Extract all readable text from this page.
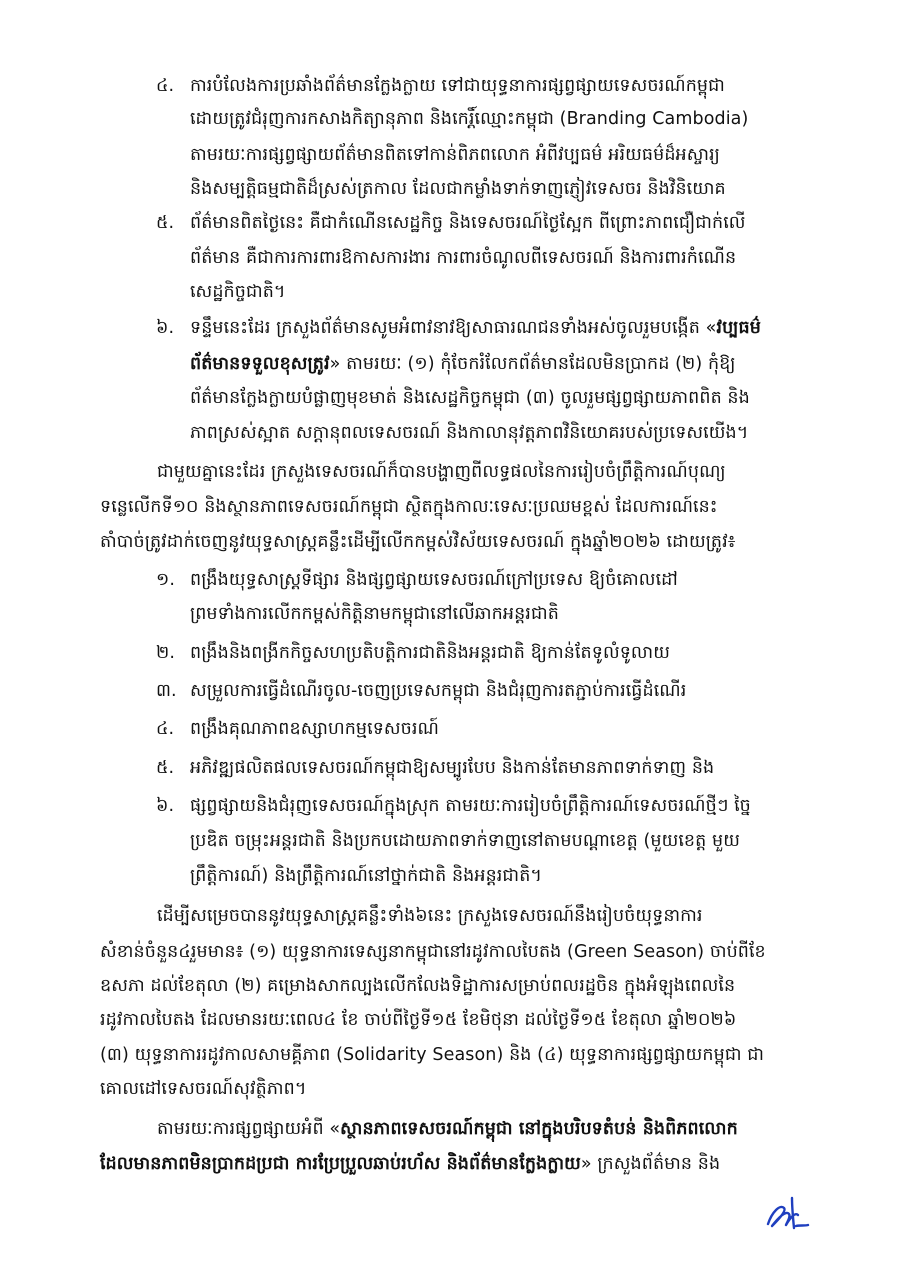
៤. ការបំលែងការប្រឆាំងព័ត៌មានក្លែងក្លាយ ទៅជាយុទ្ធនាការផ្សព្វផ្សាយទេសចរណ៍កម្ពុជា
ដោយត្រូវជំរុញការកសាងកិត្យានុភាព និងកេរ្តិ៍ឈ្មោះកម្ពុជា (Branding Cambodia)
តាមរយៈការផ្សព្វផ្សាយព័ត៌មានពិតទៅកាន់ពិភពលោក អំពីវប្បធម៌ អរិយធម៌ដ៏អស្ចារ្យ
និងសម្បត្តិធម្មជាតិដ៏ស្រស់ត្រកាល ដែលជាកម្លាំងទាក់ទាញភ្ញៀវទេសចរ និងវិនិយោគ
៥. ព័ត៌មានពិតថ្ងៃនេះ គឺជាកំណើនសេដ្ឋកិច្ច និងទេសចរណ៍ថ្ងៃស្អែក ពីព្រោះភាពជឿជាក់លើ
ព័ត៌មាន គឺជាការការពារឱកាសការងារ ការពារចំណូលពីទេសចរណ៍ និងការពារកំណើន
សេដ្ឋកិច្ចជាតិ។
៦. ទន្ទឹមនេះដែរ ក្រសួងព័ត៌មានសូមអំពាវនាវឱ្យសាធារណជនទាំងអស់ចូលរួមបង្កើត «វប្បធម៌
ព័ត៌មានទទួលខុសត្រូវ» តាមរយៈ (១) កុំចែករំលែកព័ត៌មានដែលមិនប្រាកដ (២) កុំឱ្យ
ព័ត៌មានក្លែងក្លាយបំផ្លាញមុខមាត់ និងសេដ្ឋកិច្ចកម្ពុជា (៣) ចូលរួមផ្សព្វផ្សាយភាពពិត និង
ភាពស្រស់ស្អាត សក្តានុពលទេសចរណ៍ និងកាលានុវត្តភាពវិនិយោគរបស់ប្រទេសយើង។
ជាមួយគ្នានេះដែរ ក្រសួងទេសចរណ៍ក៏បានបង្ហាញពីលទ្ធផលនៃការរៀបចំព្រឹត្តិការណ៍បុណ្យ
ទន្លេលើកទី១០ និងស្ថានភាពទេសចរណ៍កម្ពុជា ស្ថិតក្នុងកាលៈទេសៈប្រឈមខ្ពស់ ដែលការណ៍នេះ
តាំបាច់ត្រូវដាក់ចេញនូវយុទ្ធសាស្ត្រគន្លឹះដើម្បីលើកកម្ពស់វិស័យទេសចរណ៍ ក្នុងឆ្នាំ២០២៦ ដោយត្រូវ៖
១. ពង្រឹងយុទ្ធសាស្ត្រទីផ្សារ និងផ្សព្វផ្សាយទេសចរណ៍ក្រៅប្រទេស ឱ្យចំគោលដៅ
ព្រមទាំងការលើកកម្ពស់កិត្តិនាមកម្ពុជានៅលើឆាកអន្តរជាតិ
២. ពង្រឹងនិងពង្រីកកិច្ចសហប្រតិបត្តិការជាតិនិងអន្តរជាតិ ឱ្យកាន់តែទូលំទូលាយ
៣. សម្រួលការធ្វើដំណើរចូល-ចេញប្រទេសកម្ពុជា និងជំរុញការតភ្ជាប់ការធ្វើដំណើរ
៤. ពង្រឹងគុណភាពឧស្សាហកម្មទេសចរណ៍
៥. អភិវឌ្ឍផលិតផលទេសចរណ៍កម្ពុជាឱ្យសម្បូរបែប និងកាន់តែមានភាពទាក់ទាញ និង
៦. ផ្សព្វផ្សាយនិងជំរុញទេសចរណ៍ក្នុងស្រុក តាមរយៈការរៀបចំព្រឹត្តិការណ៍ទេសចរណ៍ថ្មីៗ ច្នៃ
ប្រឌិត ចម្រុះអន្តរជាតិ និងប្រកបដោយភាពទាក់ទាញនៅតាមបណ្តាខេត្ត (មួយខេត្ត មួយ
ព្រឹត្តិការណ៍) និងព្រឹត្តិការណ៍នៅថ្នាក់ជាតិ និងអន្តរជាតិ។
ដើម្បីសម្រេចបាននូវយុទ្ធសាស្ត្រគន្លឹះទាំង៦នេះ ក្រសួងទេសចរណ៍នឹងរៀបចំយុទ្ធនាការ
សំខាន់ចំនួន៤រួមមាន៖ (១) យុទ្ធនាការទេស្សនាកម្ពុជានៅរដូវកាលបៃតង (Green Season) ចាប់ពីខែ
ឧសភា ដល់ខែតុលា (២) គម្រោងសាកល្បងលើកលែងទិដ្ឋាការសម្រាប់ពលរដ្ឋចិន ក្នុងអំឡុងពេលនៃ
រដូវកាលបៃតង ដែលមានរយៈពេល៤ ខែ ចាប់ពីថ្ងៃទី១៥ ខែមិថុនា ដល់ថ្ងៃទី១៥ ខែតុលា ឆ្នាំ២០២៦
(៣) យុទ្ធនាការរដូវកាលសាមគ្គីភាព (Solidarity Season) និង (៤) យុទ្ធនាការផ្សព្វផ្សាយកម្ពុជា ជា
គោលដៅទេសចរណ៍សុវត្ថិភាព។
តាមរយៈការផ្សព្វផ្សាយអំពី «ស្ថានភាពទេសចរណ៍កម្ពុជា នៅក្នុងបរិបទតំបន់ និងពិភពលោក
ដែលមានភាពមិនប្រាកដប្រជា ការប្រែប្រួលឆាប់រហ័ស និងព័ត៌មានក្លែងក្លាយ» ក្រសួងព័ត៌មាន និង
